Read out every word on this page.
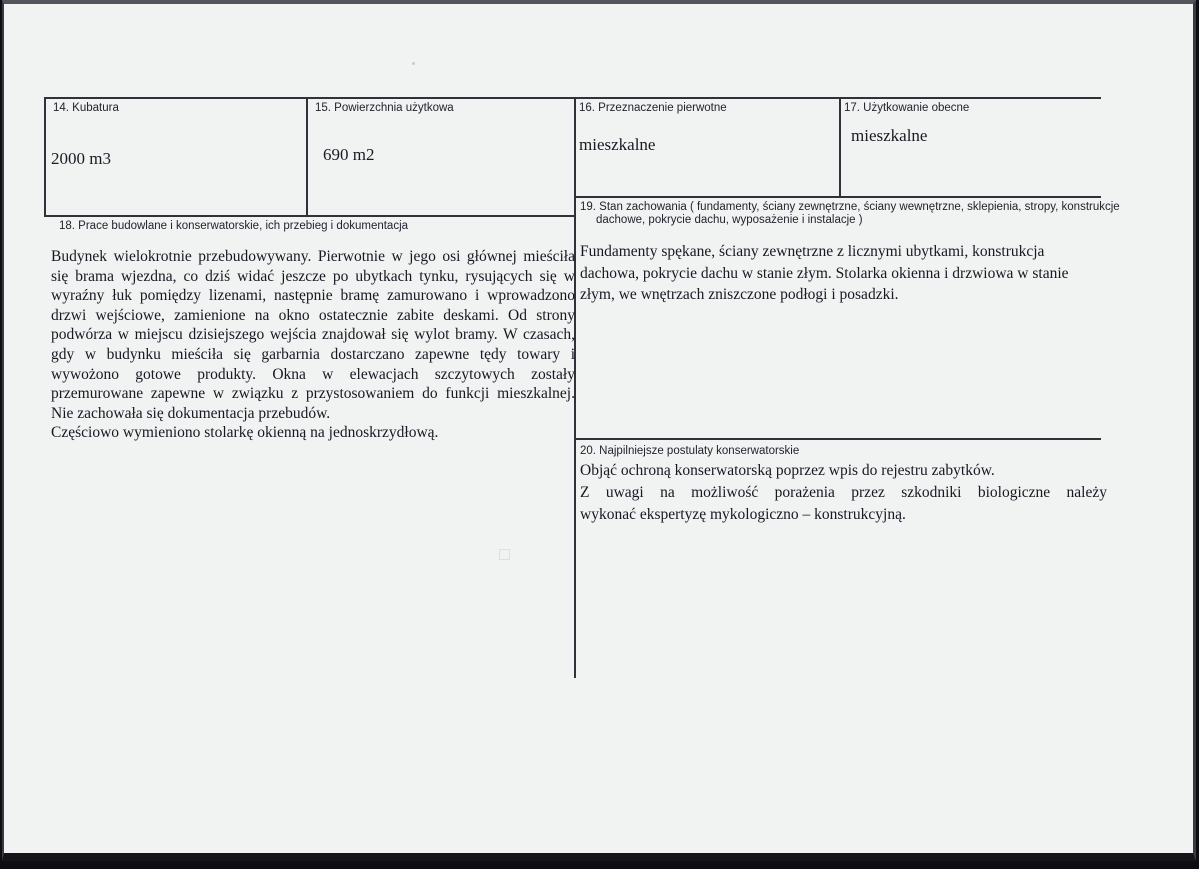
14. Kubatura
2000 m3
15. Powierzchnia użytkowa
690 m2
16. Przeznaczenie pierwotne
mieszkalne
17. Użytkowanie obecne
mieszkalne
18. Prace budowlane i konserwatorskie, ich przebieg i dokumentacja
Budynek wielokrotnie przebudowywany. Pierwotnie w jego osi głównej mieściła
się brama wjezdna, co dziś widać jeszcze po ubytkach tynku, rysujących się w
wyraźny łuk pomiędzy lizenami, następnie bramę zamurowano i wprowadzono
drzwi wejściowe, zamienione na okno ostatecznie zabite deskami. Od strony
podwórza w miejscu dzisiejszego wejścia znajdował się wylot bramy. W czasach,
gdy w budynku mieściła się garbarnia dostarczano zapewne tędy towary i
wywożono gotowe produkty. Okna w elewacjach szczytowych zostały
przemurowane zapewne w związku z przystosowaniem do funkcji mieszkalnej.
Nie zachowała się dokumentacja przebudów.
Częściowo wymieniono stolarkę okienną na jednoskrzydłową.
19. Stan zachowania ( fundamenty, ściany zewnętrzne, ściany wewnętrzne, sklepienia, stropy, konstrukcje
dachowe, pokrycie dachu, wyposażenie i instalacje )
Fundamenty spękane, ściany zewnętrzne z licznymi ubytkami, konstrukcja
dachowa, pokrycie dachu w stanie złym. Stolarka okienna i drzwiowa w stanie
złym, we wnętrzach zniszczone podłogi i posadzki.
20. Najpilniejsze postulaty konserwatorskie
Objąć ochroną konserwatorską poprzez wpis do rejestru zabytków.
Z uwagi na możliwość porażenia przez szkodniki biologiczne należy
wykonać ekspertyzę mykologiczno – konstrukcyjną.
